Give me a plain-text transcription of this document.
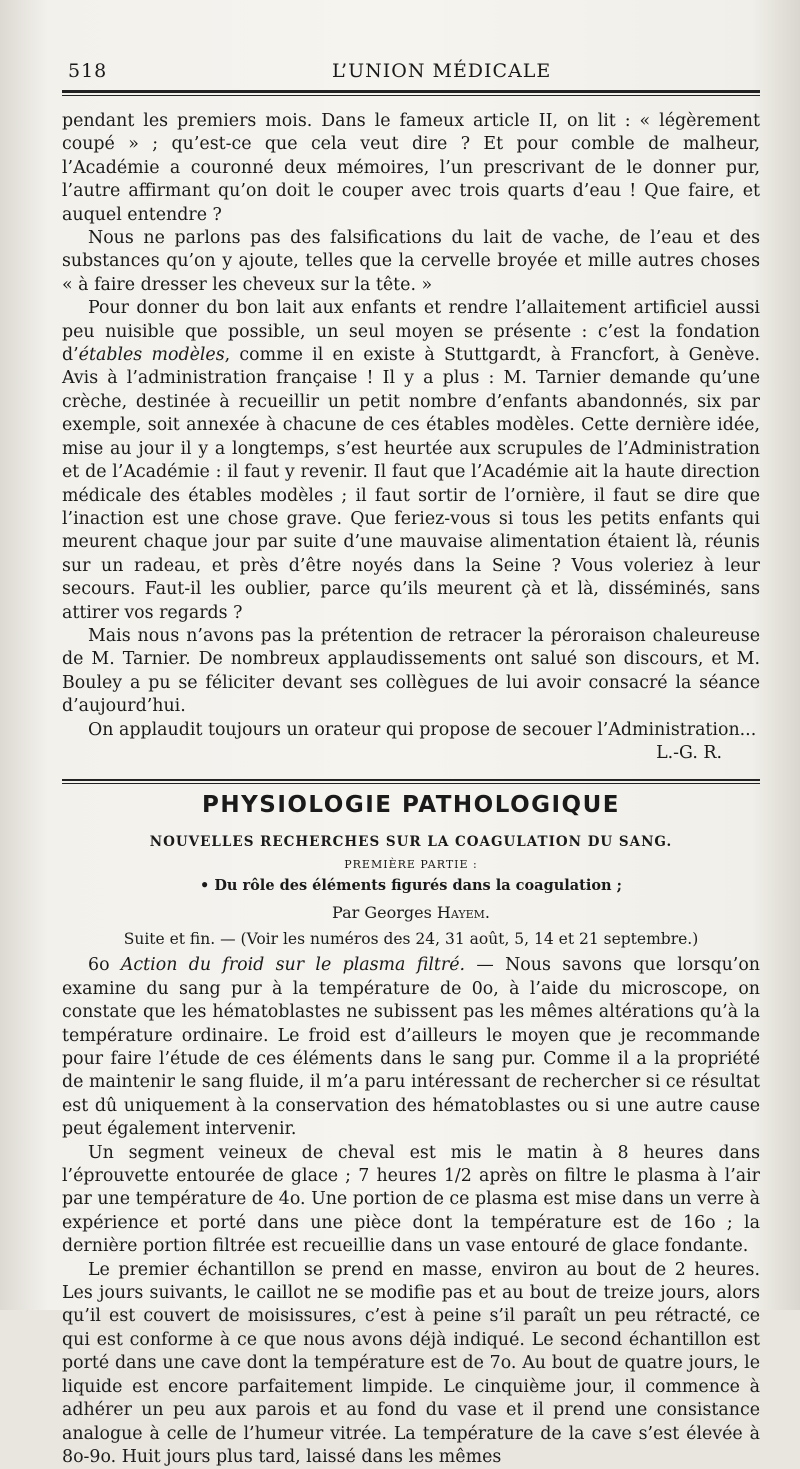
518	L’UNION MÉDICALE

pendant les premiers mois. Dans le fameux article II, on lit : « légèrement coupé » ; qu’est-ce que cela veut dire ? Et pour comble de malheur, l’Académie a couronné deux mémoires, l’un prescrivant de le donner pur, l’autre affirmant qu’on doit le couper avec trois quarts d’eau ! Que faire, et auquel entendre ?

Nous ne parlons pas des falsifications du lait de vache, de l’eau et des substances qu’on y ajoute, telles que la cervelle broyée et mille autres choses « à faire dresser les cheveux sur la tête. »

Pour donner du bon lait aux enfants et rendre l’allaitement artificiel aussi peu nuisible que possible, un seul moyen se présente : c’est la fondation d’étables modèles, comme il en existe à Stuttgardt, à Francfort, à Genève. Avis à l’administration française ! Il y a plus : M. Tarnier demande qu’une crèche, destinée à recueillir un petit nombre d’enfants abandonnés, six par exemple, soit annexée à chacune de ces étables modèles. Cette dernière idée, mise au jour il y a longtemps, s’est heurtée aux scrupules de l’Administration et de l’Académie : il faut y revenir. Il faut que l’Académie ait la haute direction médicale des étables modèles ; il faut sortir de l’ornière, il faut se dire que l’inaction est une chose grave. Que feriez-vous si tous les petits enfants qui meurent chaque jour par suite d’une mauvaise alimentation étaient là, réunis sur un radeau, et près d’être noyés dans la Seine ? Vous voleriez à leur secours. Faut-il les oublier, parce qu’ils meurent çà et là, disséminés, sans attirer vos regards ?

Mais nous n’avons pas la prétention de retracer la péroraison chaleureuse de M. Tarnier. De nombreux applaudissements ont salué son discours, et M. Bouley a pu se féliciter devant ses collègues de lui avoir consacré la séance d’aujourd’hui.

On applaudit toujours un orateur qui propose de secouer l’Administration...

L.-G. R.

PHYSIOLOGIE PATHOLOGIQUE
NOUVELLES RECHERCHES SUR LA COAGULATION DU SANG.
PREMIÈRE PARTIE :
• Du rôle des éléments figurés dans la coagulation ;
Par Georges Hayem.
Suite et fin. — (Voir les numéros des 24, 31 août, 5, 14 et 21 septembre.)

6o Action du froid sur le plasma filtré. — Nous savons que lorsqu’on examine du sang pur à la température de 0o, à l’aide du microscope, on constate que les hématoblastes ne subissent pas les mêmes altérations qu’à la température ordinaire. Le froid est d’ailleurs le moyen que je recommande pour faire l’étude de ces éléments dans le sang pur. Comme il a la propriété de maintenir le sang fluide, il m’a paru intéressant de rechercher si ce résultat est dû uniquement à la conservation des hématoblastes ou si une autre cause peut également intervenir.

Un segment veineux de cheval est mis le matin à 8 heures dans l’éprouvette entourée de glace ; 7 heures 1/2 après on filtre le plasma à l’air par une température de 4o. Une portion de ce plasma est mise dans un verre à expérience et porté dans une pièce dont la température est de 16o ; la dernière portion filtrée est recueillie dans un vase entouré de glace fondante.

Le premier échantillon se prend en masse, environ au bout de 2 heures. Les jours suivants, le caillot ne se modifie pas et au bout de treize jours, alors qu’il est couvert de moisissures, c’est à peine s’il paraît un peu rétracté, ce qui est conforme à ce que nous avons déjà indiqué. Le second échantillon est porté dans une cave dont la température est de 7o. Au bout de quatre jours, le liquide est encore parfaitement limpide. Le cinquième jour, il commence à adhérer un peu aux parois et au fond du vase et il prend une consistance analogue à celle de l’humeur vitrée. La température de la cave s’est élevée à 8o-9o. Huit jours plus tard, laissé dans les mêmes
